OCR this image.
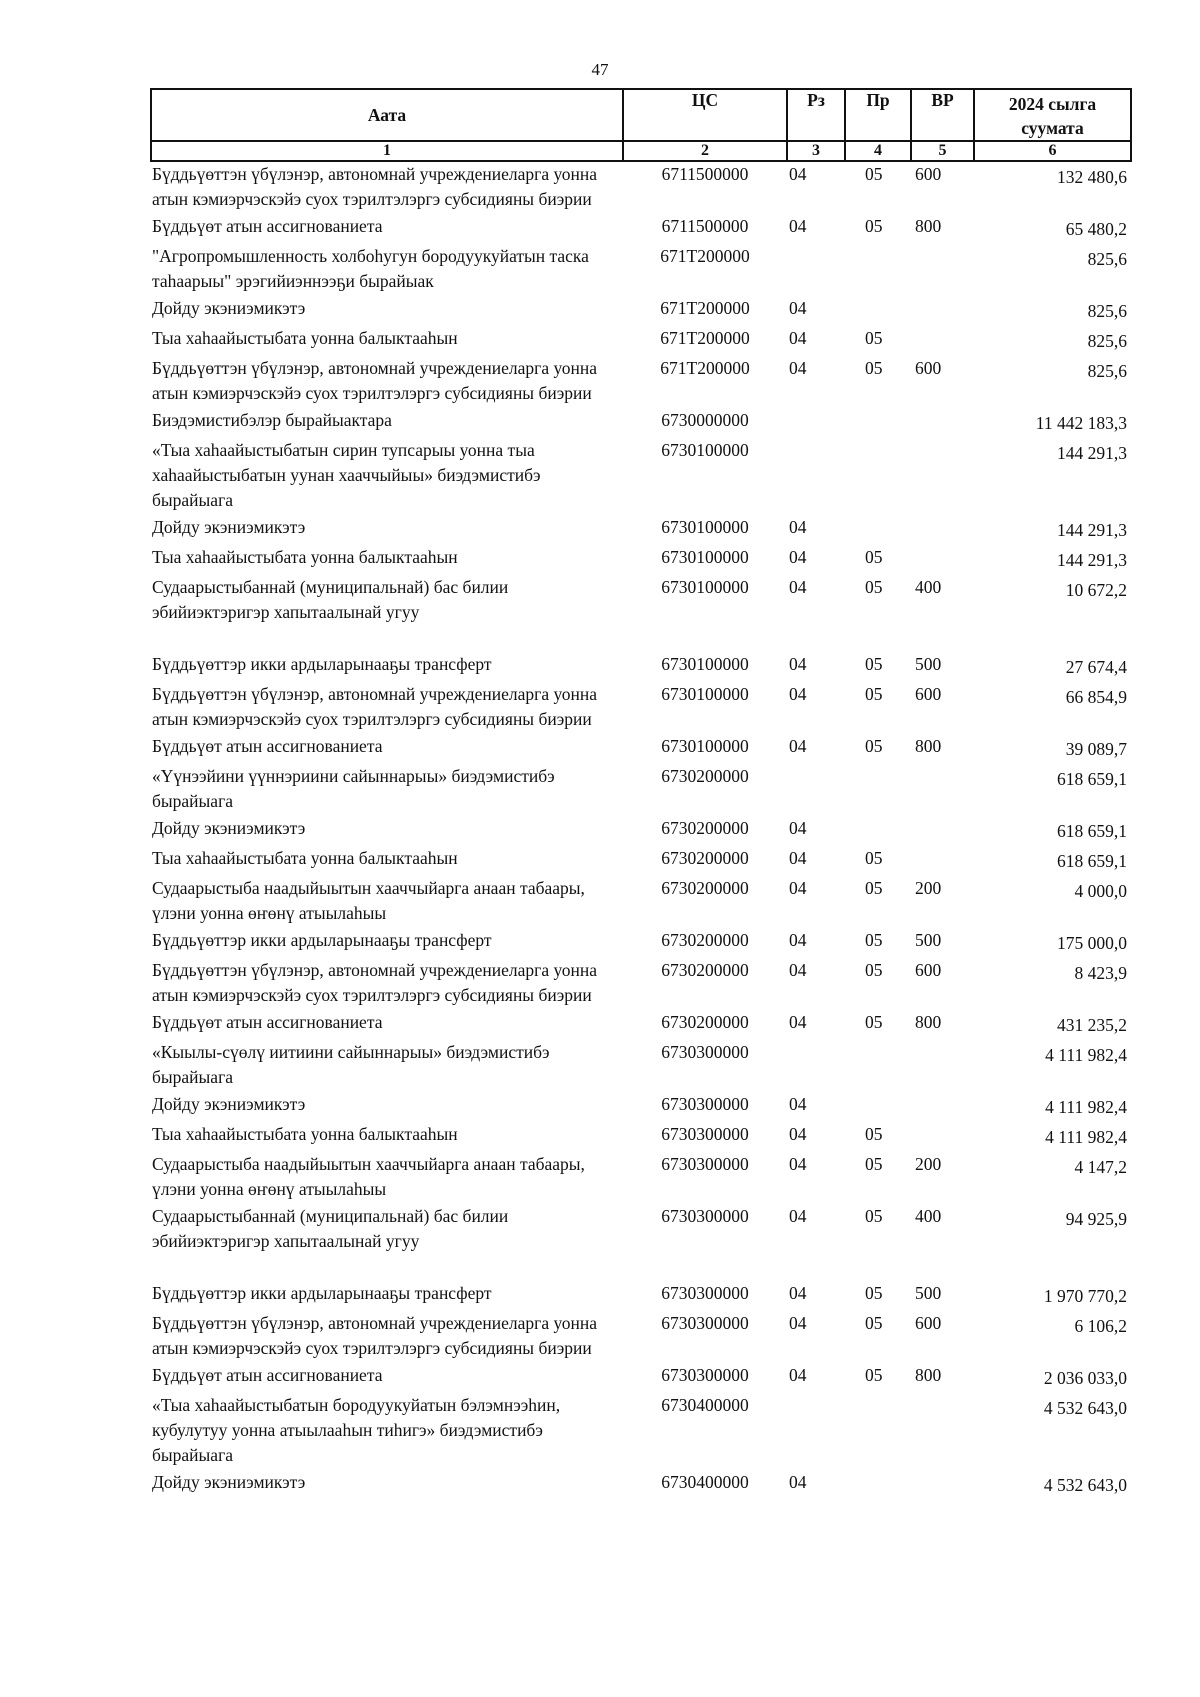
47
Аата	ЦС	Рз	Пр	ВР	2024 сылга суумата
1	2	3	4	5	6
Бүддьүөттэн үбүлэнэр, автономнай учреждениеларга уонна атын кэмиэрчэскэйэ суох тэрилтэлэргэ субсидияны биэрии	6711500000	04	05	600	132 480,6
Бүддьүөт атын ассигнованиета	6711500000	04	05	800	65 480,2
"Агропромышленность холбоһугун бородуукуйатын таска таһаарыы" эрэгийиэннээҕи бырайыак	671Т200000				825,6
Дойду экэниэмикэтэ	671Т200000	04			825,6
Тыа хаһаайыстыбата уонна балыктааһын	671Т200000	04	05		825,6
Бүддьүөттэн үбүлэнэр, автономнай учреждениеларга уонна атын кэмиэрчэскэйэ суох тэрилтэлэргэ субсидияны биэрии	671Т200000	04	05	600	825,6
Биэдэмистибэлэр бырайыактара	6730000000				11 442 183,3
«Тыа хаһаайыстыбатын сирин тупсарыы уонна тыа хаһаайыстыбатын уунан хааччыйыы» биэдэмистибэ бырайыага	6730100000				144 291,3
Дойду экэниэмикэтэ	6730100000	04			144 291,3
Тыа хаһаайыстыбата уонна балыктааһын	6730100000	04	05		144 291,3
Судаарыстыбаннай (муниципальнай) бас билии эбийиэктэригэр хапытаалынай угуу	6730100000	04	05	400	10 672,2
Бүддьүөттэр икки ардыларынааҕы трансферт	6730100000	04	05	500	27 674,4
Бүддьүөттэн үбүлэнэр, автономнай учреждениеларга уонна атын кэмиэрчэскэйэ суох тэрилтэлэргэ субсидияны биэрии	6730100000	04	05	600	66 854,9
Бүддьүөт атын ассигнованиета	6730100000	04	05	800	39 089,7
«Үүнээйини үүннэриини сайыннарыы» биэдэмистибэ бырайыага	6730200000				618 659,1
Дойду экэниэмикэтэ	6730200000	04			618 659,1
Тыа хаһаайыстыбата уонна балыктааһын	6730200000	04	05		618 659,1
Судаарыстыба наадыйыытын хааччыйарга анаан табаары, үлэни уонна өҥөнү атыылаһыы	6730200000	04	05	200	4 000,0
Бүддьүөттэр икки ардыларынааҕы трансферт	6730200000	04	05	500	175 000,0
Бүддьүөттэн үбүлэнэр, автономнай учреждениеларга уонна атын кэмиэрчэскэйэ суох тэрилтэлэргэ субсидияны биэрии	6730200000	04	05	600	8 423,9
Бүддьүөт атын ассигнованиета	6730200000	04	05	800	431 235,2
«Кыылы-сүөлү иитиини сайыннарыы» биэдэмистибэ бырайыага	6730300000				4 111 982,4
Дойду экэниэмикэтэ	6730300000	04			4 111 982,4
Тыа хаһаайыстыбата уонна балыктааһын	6730300000	04	05		4 111 982,4
Судаарыстыба наадыйыытын хааччыйарга анаан табаары, үлэни уонна өҥөнү атыылаһыы	6730300000	04	05	200	4 147,2
Судаарыстыбаннай (муниципальнай) бас билии эбийиэктэригэр хапытаалынай угуу	6730300000	04	05	400	94 925,9
Бүддьүөттэр икки ардыларынааҕы трансферт	6730300000	04	05	500	1 970 770,2
Бүддьүөттэн үбүлэнэр, автономнай учреждениеларга уонна атын кэмиэрчэскэйэ суох тэрилтэлэргэ субсидияны биэрии	6730300000	04	05	600	6 106,2
Бүддьүөт атын ассигнованиета	6730300000	04	05	800	2 036 033,0
«Тыа хаһаайыстыбатын бородуукуйатын бэлэмнээһин, кубулутуу уонна атыылааһын тиһигэ» биэдэмистибэ бырайыага	6730400000				4 532 643,0
Дойду экэниэмикэтэ	6730400000	04			4 532 643,0
